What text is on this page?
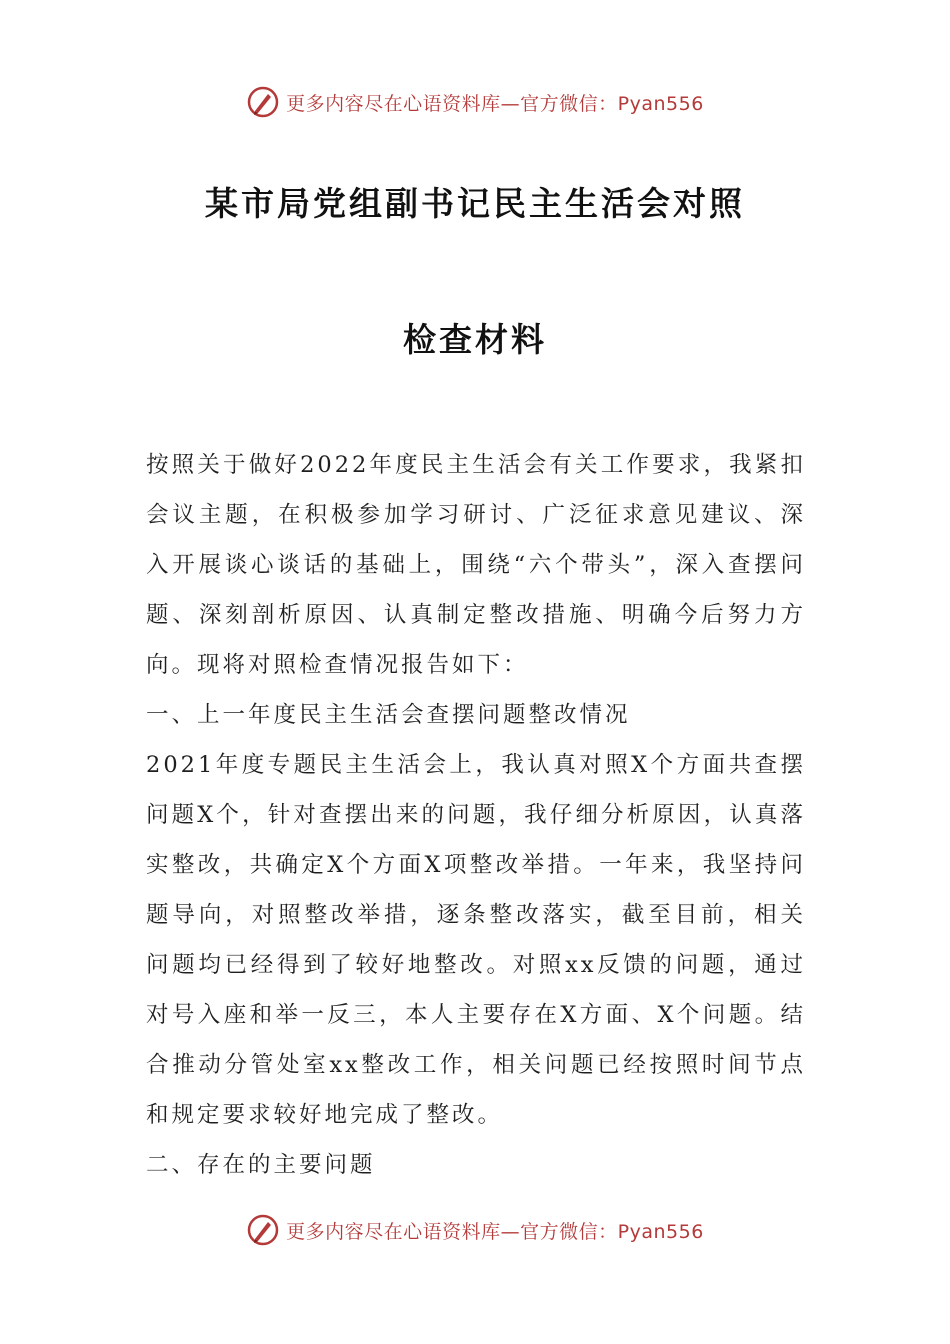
更多内容尽在心语资料库—官方微信：Pyan556
某市局党组副书记民主生活会对照
检查材料

按照关于做好2022年度民主生活会有关工作要求，我紧扣会议主题，在积极参加学习研讨、广泛征求意见建议、深入开展谈心谈话的基础上，围绕“六个带头”，深入查摆问题、深刻剖析原因、认真制定整改措施、明确今后努力方向。现将对照检查情况报告如下：

一、上一年度民主生活会查摆问题整改情况

2021年度专题民主生活会上，我认真对照X个方面共查摆问题X个，针对查摆出来的问题，我仔细分析原因，认真落实整改，共确定X个方面X项整改举措。一年来，我坚持问题导向，对照整改举措，逐条整改落实，截至目前，相关问题均已经得到了较好地整改。对照xx反馈的问题，通过对号入座和举一反三，本人主要存在X方面、X个问题。结合推动分管处室xx整改工作，相关问题已经按照时间节点和规定要求较好地完成了整改。

二、存在的主要问题

更多内容尽在心语资料库—官方微信：Pyan556
